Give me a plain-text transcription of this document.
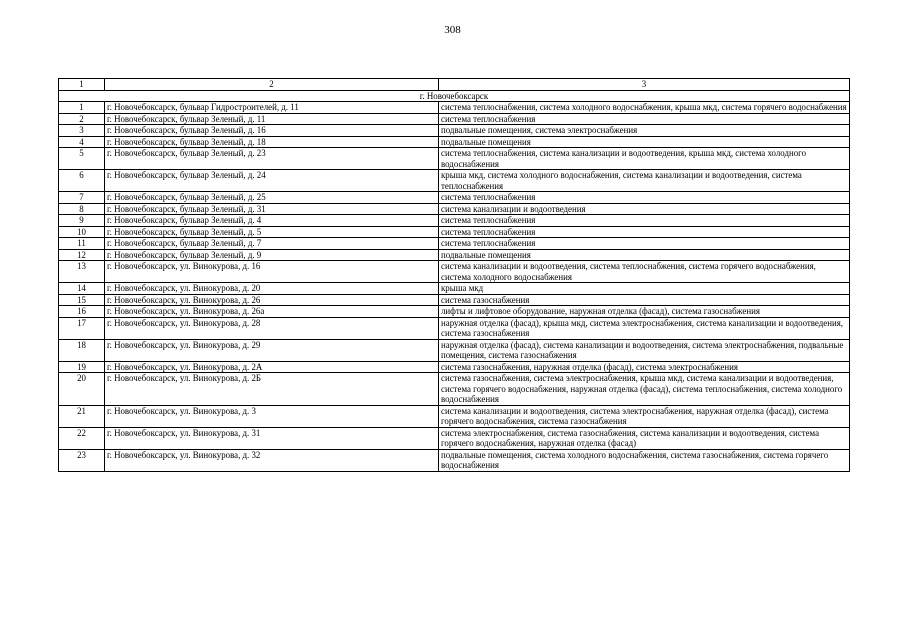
308
1	2	3
г. Новочебоксарск		
1	г. Новочебоксарск, бульвар Гидростроителей, д. 11	система теплоснабжения, система холодного водоснабжения, крыша мкд, система горячего водоснабжения
2	г. Новочебоксарск, бульвар Зеленый, д. 11	система теплоснабжения
3	г. Новочебоксарск, бульвар Зеленый, д. 16	подвальные помещения, система электроснабжения
4	г. Новочебоксарск, бульвар Зеленый, д. 18	подвальные помещения
5	г. Новочебоксарск, бульвар Зеленый, д. 23	система теплоснабжения, система канализации и водоотведения, крыша мкд, система холодного водоснабжения
6	г. Новочебоксарск, бульвар Зеленый, д. 24	крыша мкд, система холодного водоснабжения, система канализации и водоотведения, система теплоснабжения
7	г. Новочебоксарск, бульвар Зеленый, д. 25	система теплоснабжения
8	г. Новочебоксарск, бульвар Зеленый, д. 31	система канализации и водоотведения
9	г. Новочебоксарск, бульвар Зеленый, д. 4	система теплоснабжения
10	г. Новочебоксарск, бульвар Зеленый, д. 5	система теплоснабжения
11	г. Новочебоксарск, бульвар Зеленый, д. 7	система теплоснабжения
12	г. Новочебоксарск, бульвар Зеленый, д. 9	подвальные помещения
13	г. Новочебоксарск, ул. Винокурова, д. 16	система канализации и водоотведения, система теплоснабжения, система горячего водоснабжения, система холодного водоснабжения
14	г. Новочебоксарск, ул. Винокурова, д. 20	крыша мкд
15	г. Новочебоксарск, ул. Винокурова, д. 26	система газоснабжения
16	г. Новочебоксарск, ул. Винокурова, д. 26а	лифты и лифтовое оборудование, наружная отделка (фасад), система газоснабжения
17	г. Новочебоксарск, ул. Винокурова, д. 28	наружная отделка (фасад), крыша мкд, система электроснабжения, система канализации и водоотведения, система газоснабжения
18	г. Новочебоксарск, ул. Винокурова, д. 29	наружная отделка (фасад), система канализации и водоотведения, система электроснабжения, подвальные помещения, система газоснабжения
19	г. Новочебоксарск, ул. Винокурова, д. 2А	система газоснабжения, наружная отделка (фасад), система электроснабжения
20	г. Новочебоксарск, ул. Винокурова, д. 2Б	система газоснабжения, система электроснабжения, крыша мкд, система канализации и водоотведения, система горячего водоснабжения, наружная отделка (фасад), система теплоснабжения, система холодного водоснабжения
21	г. Новочебоксарск, ул. Винокурова, д. 3	система канализации и водоотведения, система электроснабжения, наружная отделка (фасад), система горячего водоснабжения, система газоснабжения
22	г. Новочебоксарск, ул. Винокурова, д. 31	система электроснабжения, система газоснабжения, система канализации и водоотведения, система горячего водоснабжения, наружная отделка (фасад)
23	г. Новочебоксарск, ул. Винокурова, д. 32	подвальные помещения, система холодного водоснабжения, система газоснабжения, система горячего водоснабжения
